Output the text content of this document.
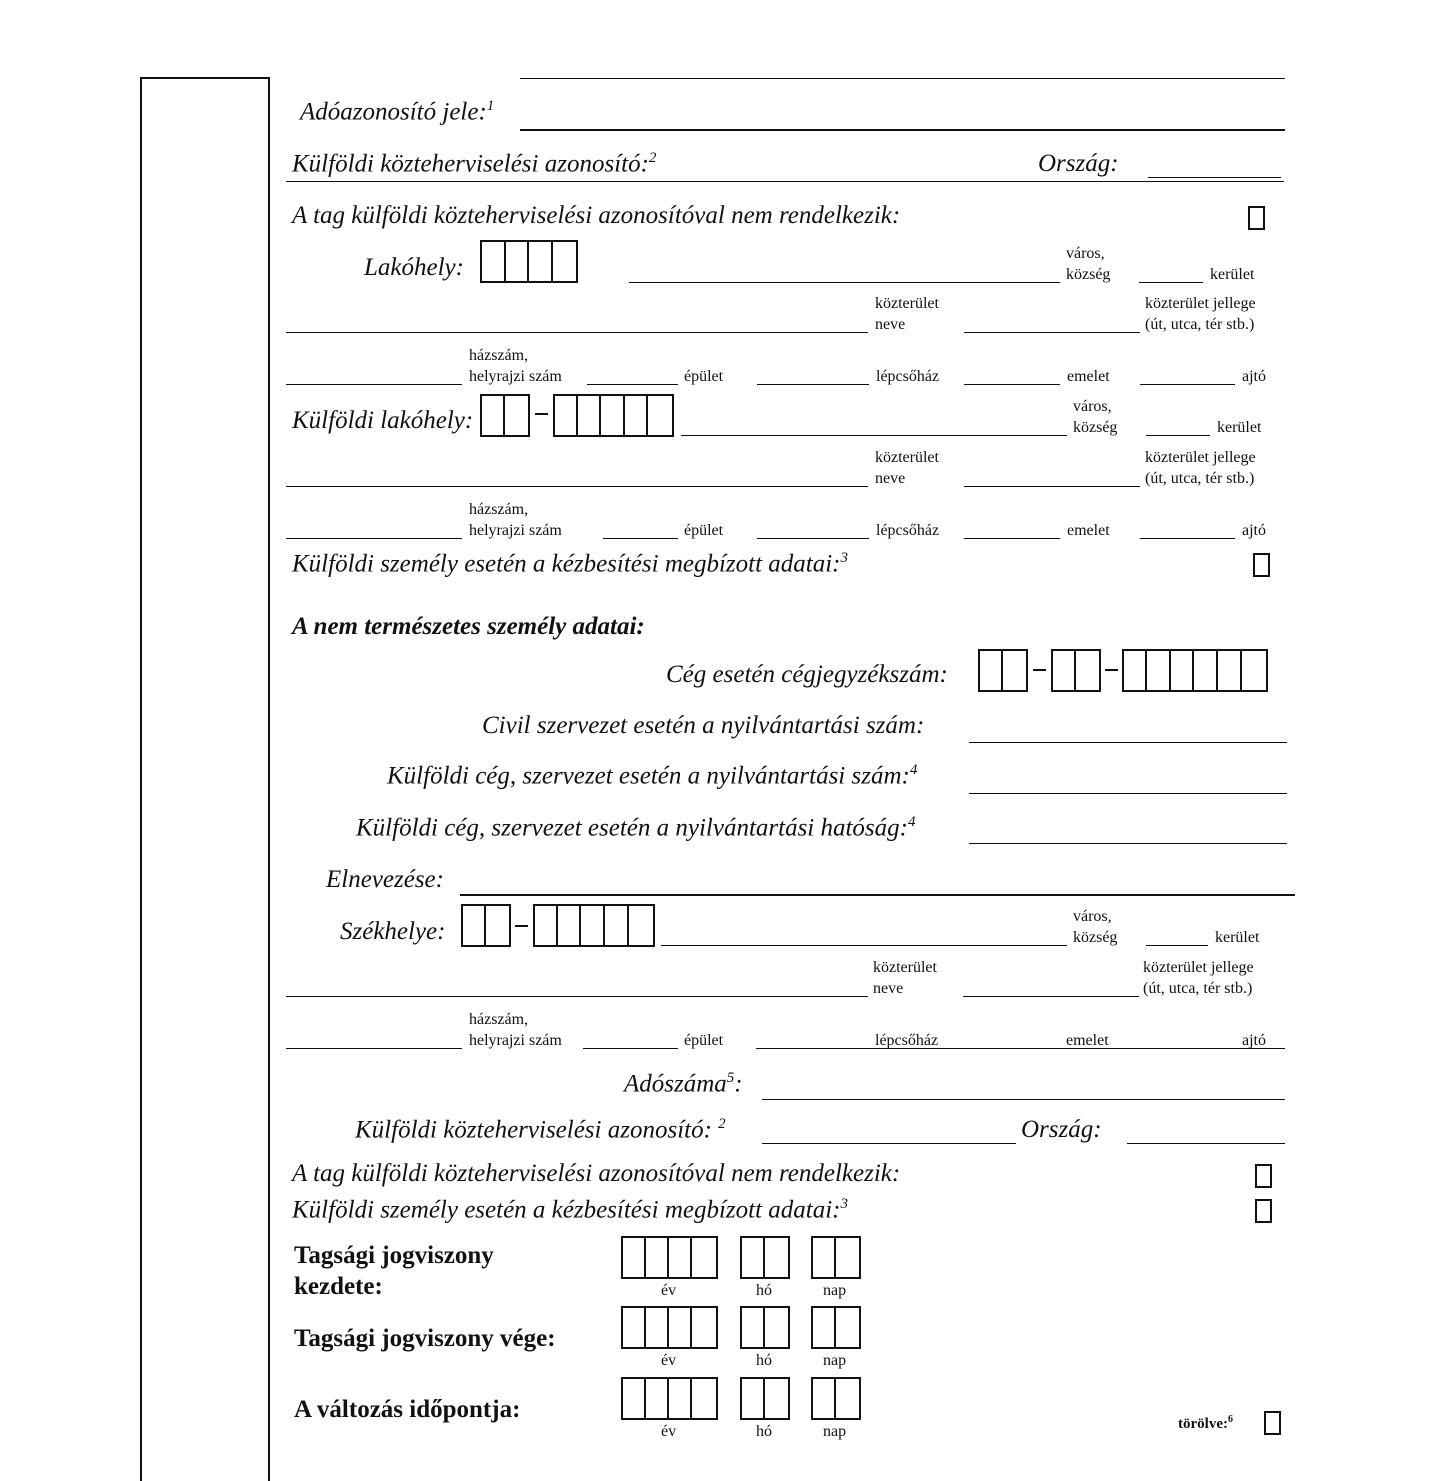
Adóazonosító jele:$^1$
Külföldi közteherviselési azonosító:$^2$	Ország:
A tag külföldi közteherviselési azonosítóval nem rendelkezik:
Lakóhely:
város,
község	kerület
közterület
neve
közterület jellege
(út, utca, tér stb.)
házszám,
helyrajzi szám	épület	lépcsőház	emelet	ajtó
Külföldi lakóhely:
város,
község	kerület
közterület
neve
közterület jellege
(út, utca, tér stb.)
házszám,
helyrajzi szám	épület	lépcsőház	emelet	ajtó
Külföldi személy esetén a kézbesítési megbízott adatai:$^3$
A nem természetes személy adatai:
Cég esetén cégjegyzékszám:
Civil szervezet esetén a nyilvántartási szám:
Külföldi cég, szervezet esetén a nyilvántartási szám:$^4$
Külföldi cég, szervezet esetén a nyilvántartási hatóság:$^4$
Elnevezése:
Székhelye:
város,
község	kerület
közterület
neve
közterület jellege
(út, utca, tér stb.)
házszám,
helyrajzi szám	épület	lépcsőház	emelet	ajtó
Adószáma$^5$:
Külföldi közteherviselési azonosító: $^2$	Ország:
A tag külföldi közteherviselési azonosítóval nem rendelkezik:
Külföldi személy esetén a kézbesítési megbízott adatai:$^3$
Tagsági jogviszony
kezdete:	év	hó	nap
Tagsági jogviszony vége:
év	hó	nap
A változás időpontja:
év	hó	nap	törölve:$^6$
